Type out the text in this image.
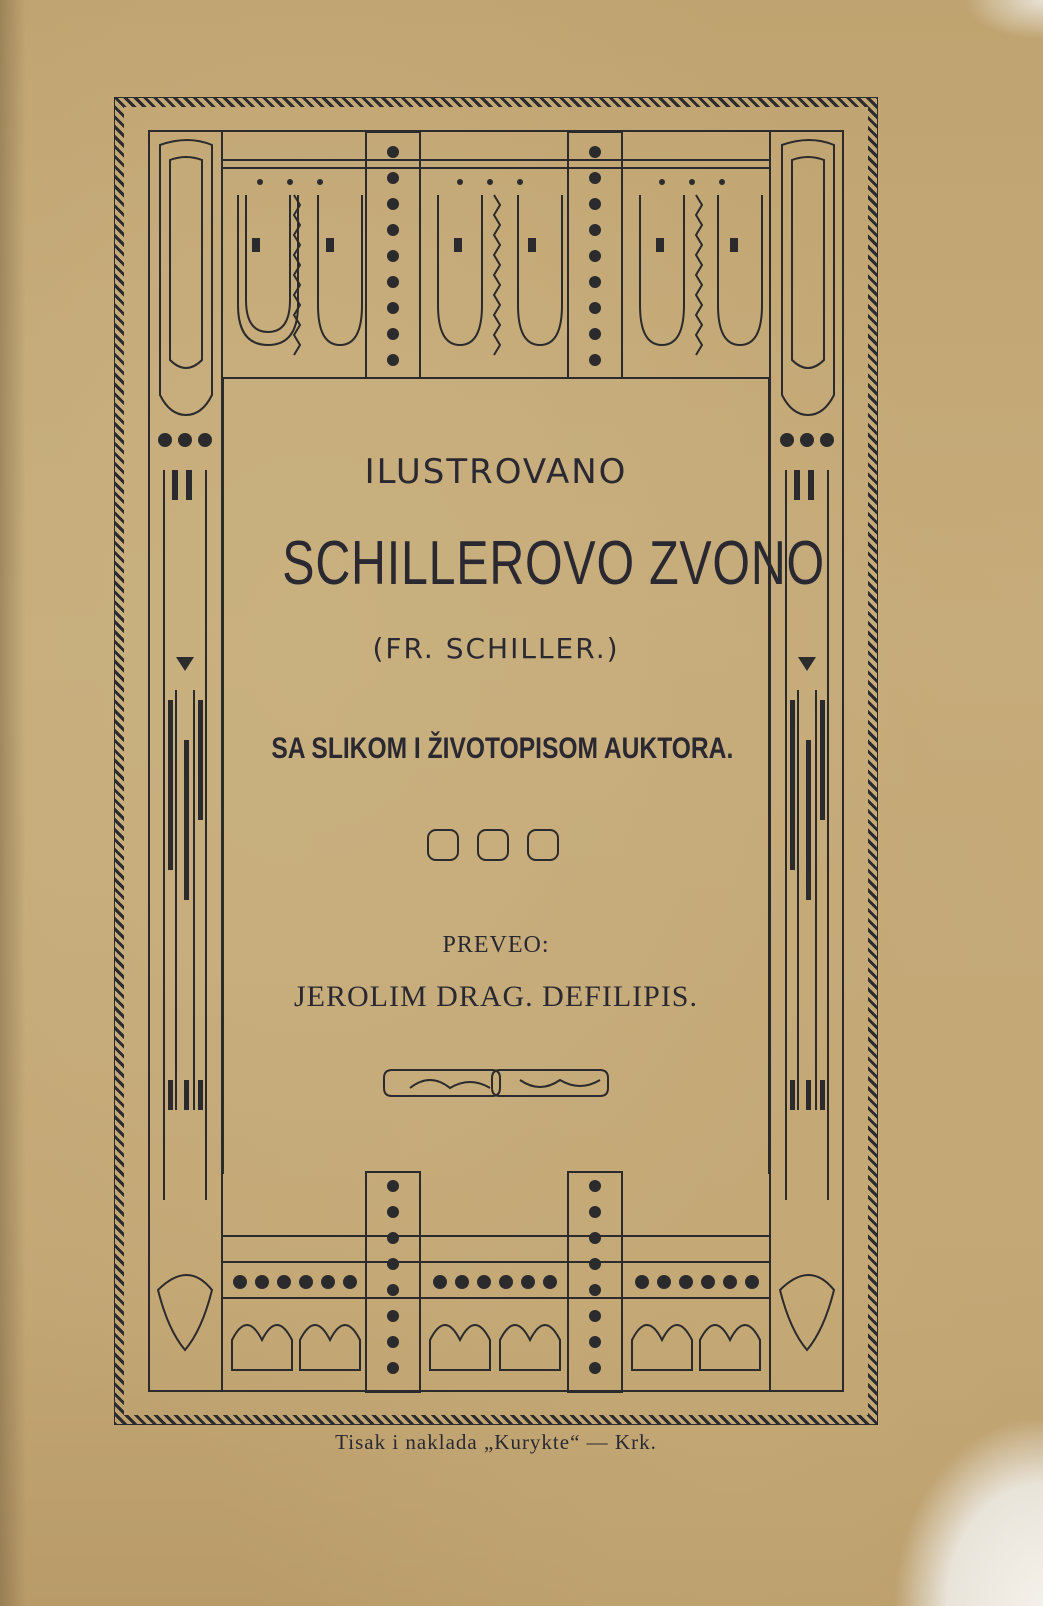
ILUSTROVANO
SCHILLEROVO ZVONO
(FR. SCHILLER.)
SA SLIKOM I ŽIVOTOPISOM AUKTORA.
PREVEO:
JEROLIM DRAG. DEFILIPIS.
Tisak i naklada „Kurykte“ — Krk.
